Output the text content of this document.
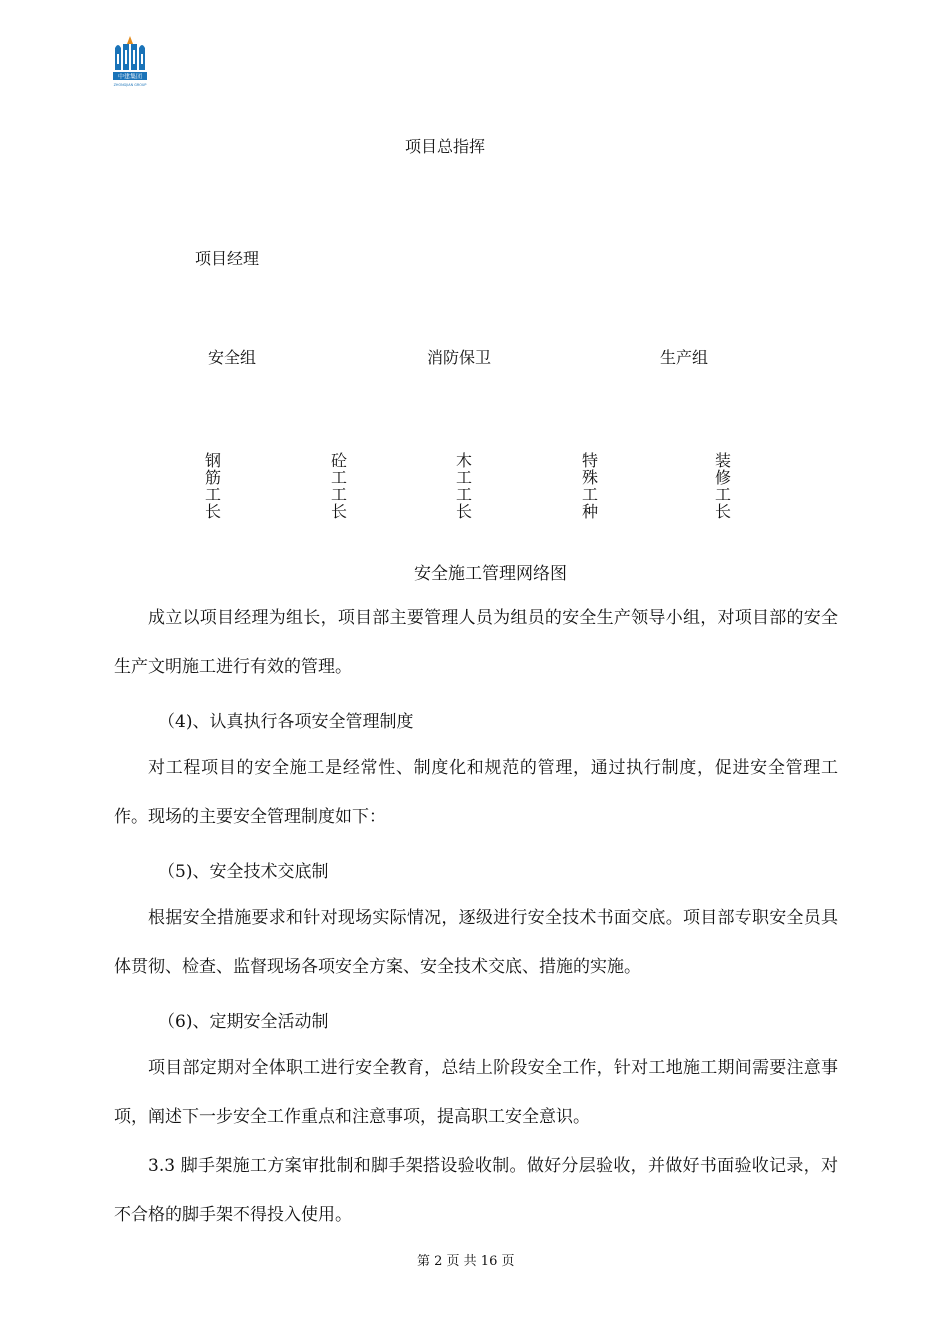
中建集团
ZHONGJIAN GROUP
项目总指挥
项目经理
安全组	消防保卫	生产组
钢筋工长
砼工工长
木工工长
特殊工种
装修工长
安全施工管理网络图

成立以项目经理为组长，项目部主要管理人员为组员的安全生产领导小组，对项目部的安全生产文明施工进行有效的管理。

（4)、认真执行各项安全管理制度

对工程项目的安全施工是经常性、制度化和规范的管理，通过执行制度，促进安全管理工作。现场的主要安全管理制度如下：

（5)、安全技术交底制

根据安全措施要求和针对现场实际情况，逐级进行安全技术书面交底。项目部专职安全员具体贯彻、检查、监督现场各项安全方案、安全技术交底、措施的实施。

（6)、定期安全活动制

项目部定期对全体职工进行安全教育，总结上阶段安全工作，针对工地施工期间需要注意事项，阐述下一步安全工作重点和注意事项，提高职工安全意识。

3.3 脚手架施工方案审批制和脚手架搭设验收制。做好分层验收，并做好书面验收记录，对不合格的脚手架不得投入使用。

第 2 页 共 16 页
